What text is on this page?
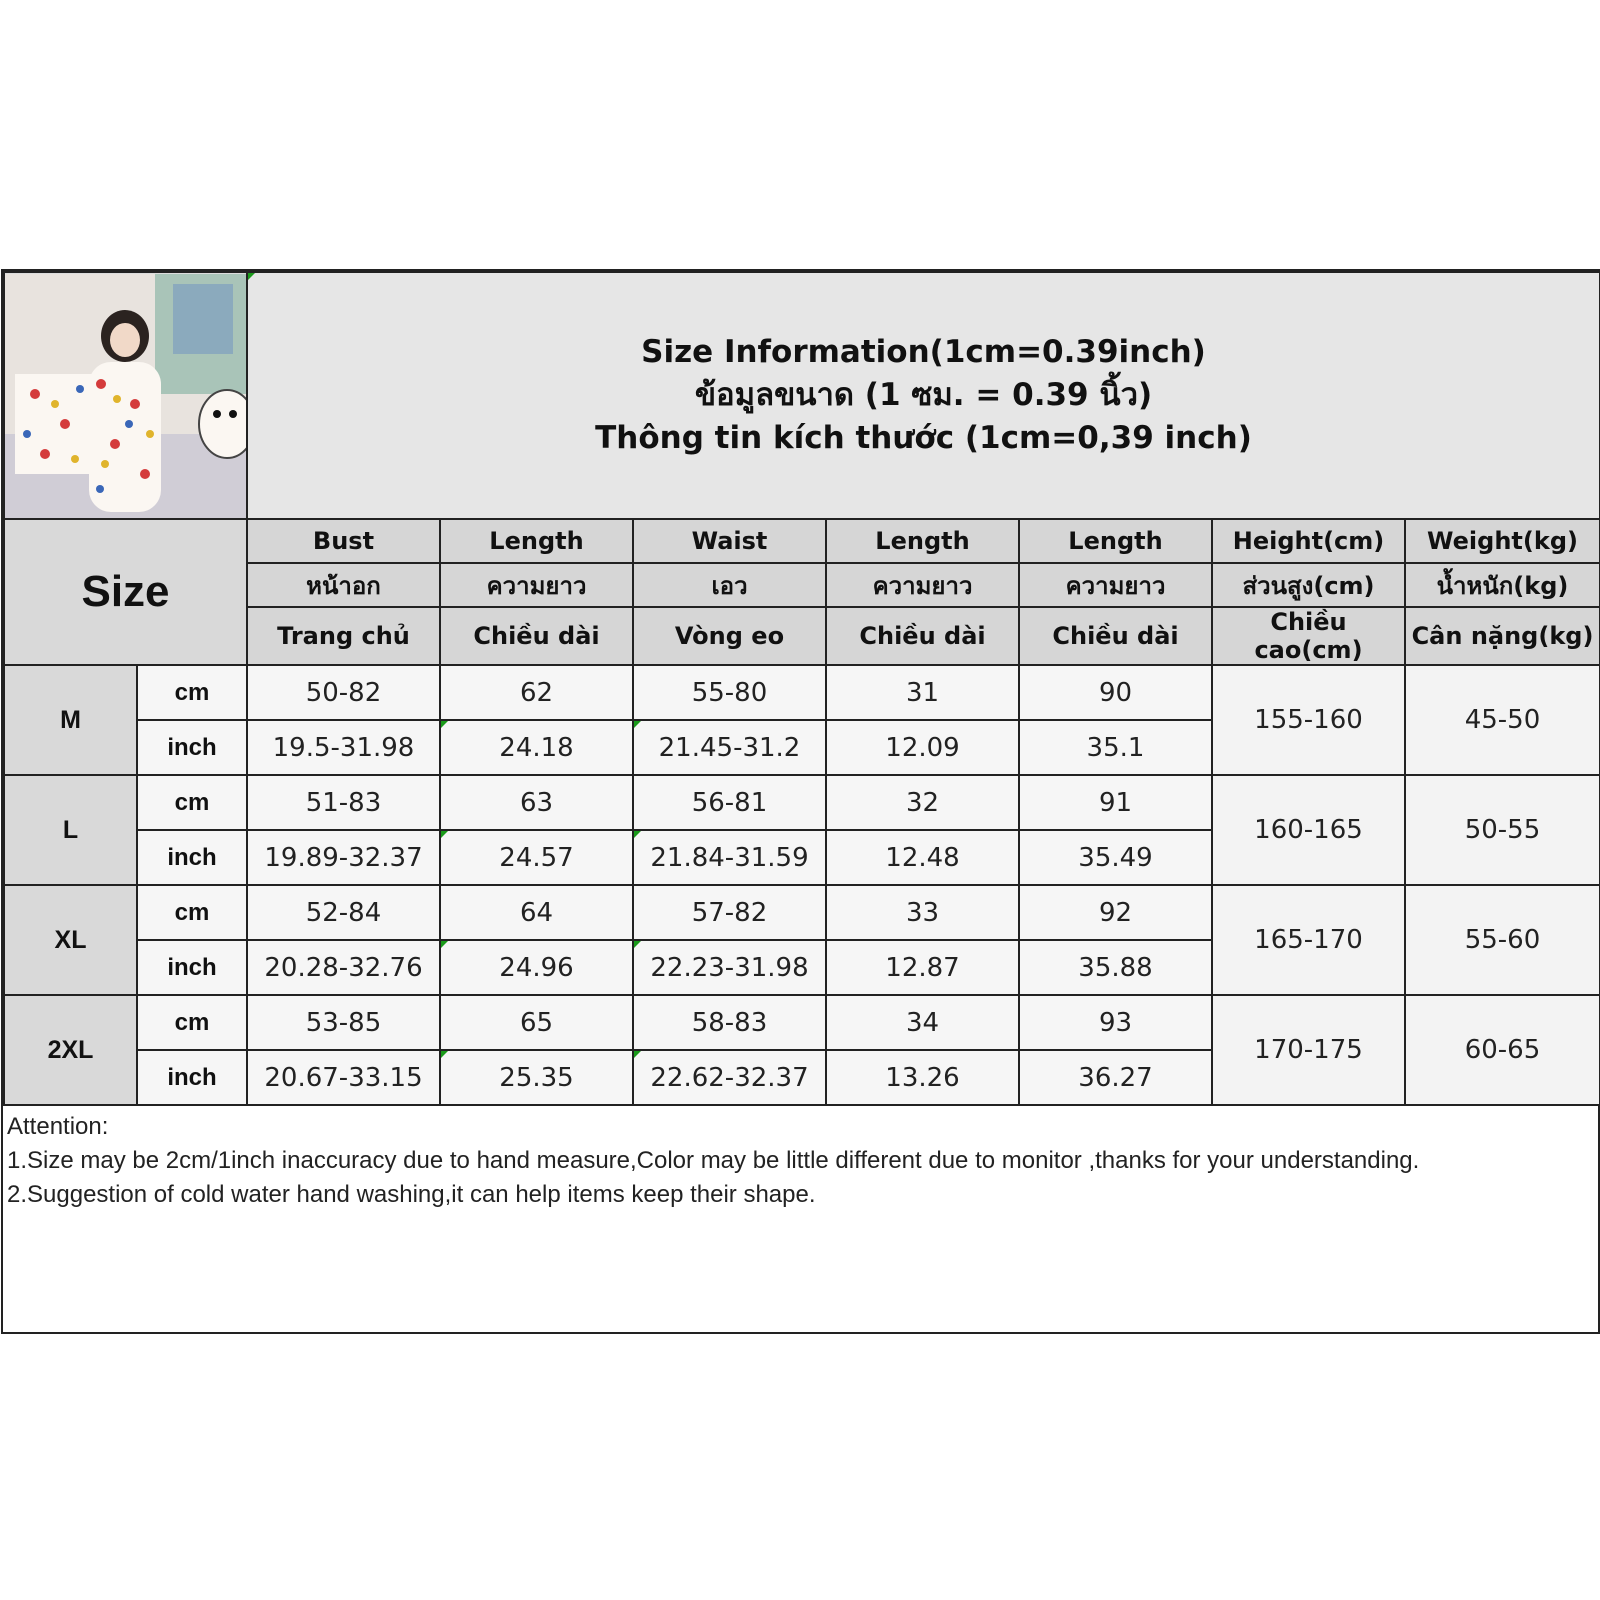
Size Information(1cm=0.39inch)
ข้อมูลขนาด (1 ซม. = 0.39 นิ้ว)
Thông tin kích thước (1cm=0,39 inch)						

Size		Bust	Length	Waist	Length	Length	Height(cm)	Weight(kg)
		หน้าอก	ความยาว	เอว	ความยาว	ความยาว	ส่วนสูง(cm)	น้ำหนัก(kg)
		Trang chủ	Chiều dài	Vòng eo	Chiều dài	Chiều dài	Chiều cao(cm)	Cân nặng(kg)
M	cm	50-82	62	55-80	31	90	155-160	45-50
	inch	19.5-31.98	24.18	21.45-31.2	12.09	35.1		
L	cm	51-83	63	56-81	32	91	160-165	50-55
	inch	19.89-32.37	24.57	21.84-31.59	12.48	35.49		
XL	cm	52-84	64	57-82	33	92	165-170	55-60
	inch	20.28-32.76	24.96	22.23-31.98	12.87	35.88		
2XL	cm	53-85	65	58-83	34	93	170-175	60-65
	inch	20.67-33.15	25.35	22.62-32.37	13.26	36.27		
Attention:
1.Size may be 2cm/1inch inaccuracy due to hand measure,Color may be little different due to monitor ,thanks for your understanding.
2.Suggestion of cold water hand washing,it can help items keep their shape.
